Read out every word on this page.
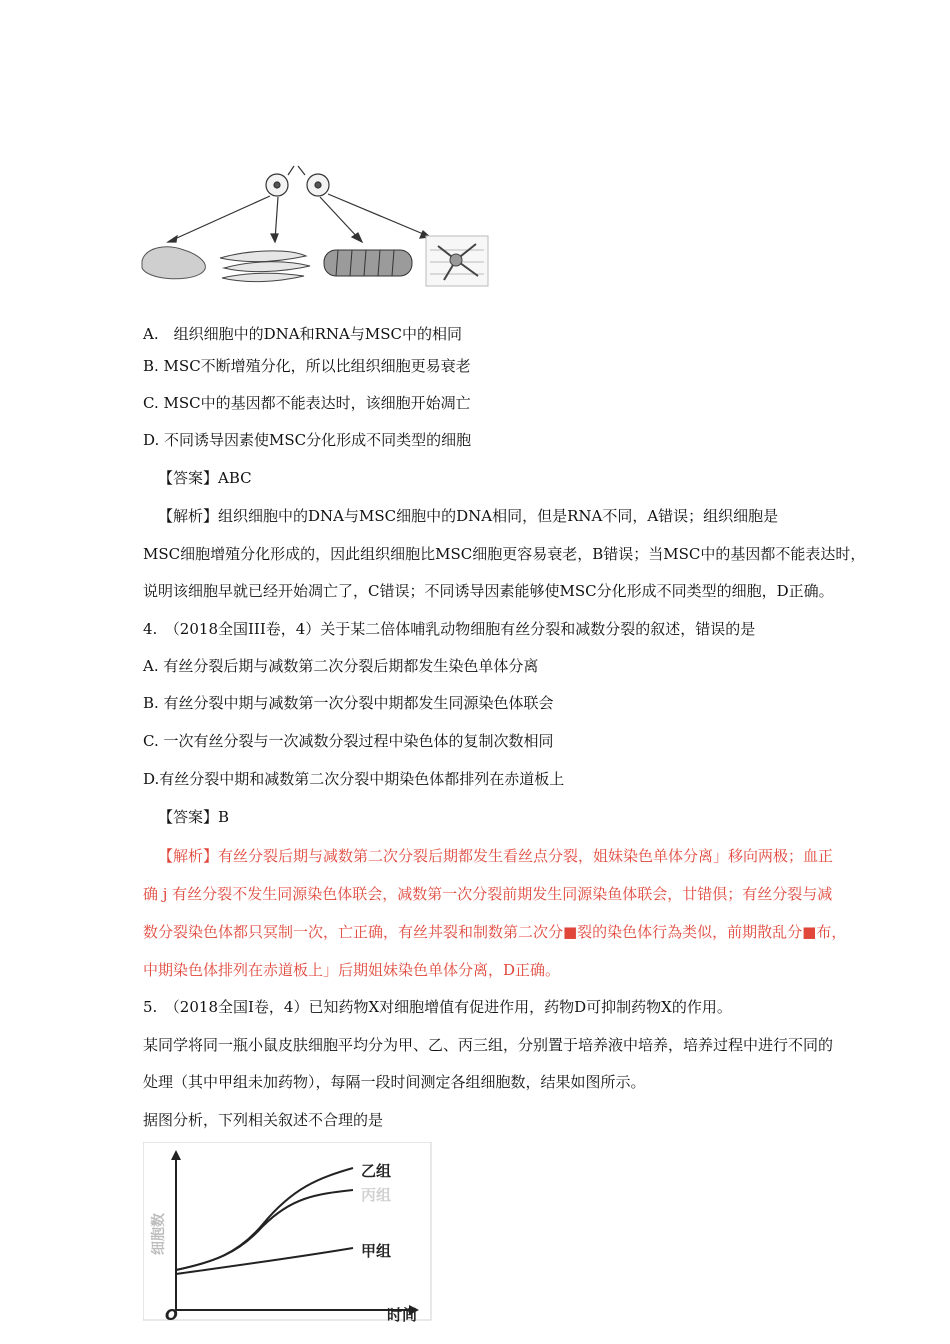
A.　组织细胞中的DNA和RNA与MSC中的相同
B. MSC不断增殖分化，所以比组织细胞更易衰老
C. MSC中的基因都不能表达时，该细胞开始凋亡
D. 不同诱导因素使MSC分化形成不同类型的细胞
【答案】ABC
【解析】组织细胞中的DNA与MSC细胞中的DNA相同，但是RNA不同，A错误；组织细胞是
MSC细胞增殖分化形成的，因此组织细胞比MSC细胞更容易衰老，B错误；当MSC中的基因都不能表达时，
说明该细胞早就已经开始凋亡了，C错误；不同诱导因素能够使MSC分化形成不同类型的细胞，D正确。
4.　（2018全国III卷，4）关于某二倍体哺乳动物细胞有丝分裂和减数分裂的叙述，错误的是
A. 有丝分裂后期与减数第二次分裂后期都发生染色单体分离
B. 有丝分裂中期与减数第一次分裂中期都发生同源染色体联会
C. 一次有丝分裂与一次减数分裂过程中染色体的复制次数相同
D.有丝分裂中期和减数第二次分裂中期染色体都排列在赤道板上
【答案】B
【解析】有丝分裂后期与减数第二次分裂后期都发生看丝点分裂，姐妹染色单体分离」移向两极；血正
确 j 有丝分裂不发生同源染色体联会，减数第一次分裂前期发生同源染鱼体联会，廿错倶；有丝分裂与减
数分裂染色体都只冥制一次，亡正确，有丝丼裂和制数第二次分■裂的染色体行為类似，前期散乱分■布，
中期染色体排列在赤道板上」后期姐妹染色单体分离，D正确。
5.　（2018全国I卷，4）已知药物X对细胞增值有促进作用，药物D可抑制药物X的作用。
某同学将同一瓶小鼠皮肤细胞平均分为甲、乙、丙三组，分别置于培养液中培养，培养过程中进行不同的
处理（其中甲组未加药物），每隔一段时间测定各组细胞数，结果如图所示。
据图分析，下列相关叙述不合理的是
乙组
丙组
甲组
细胞数
时间
O
